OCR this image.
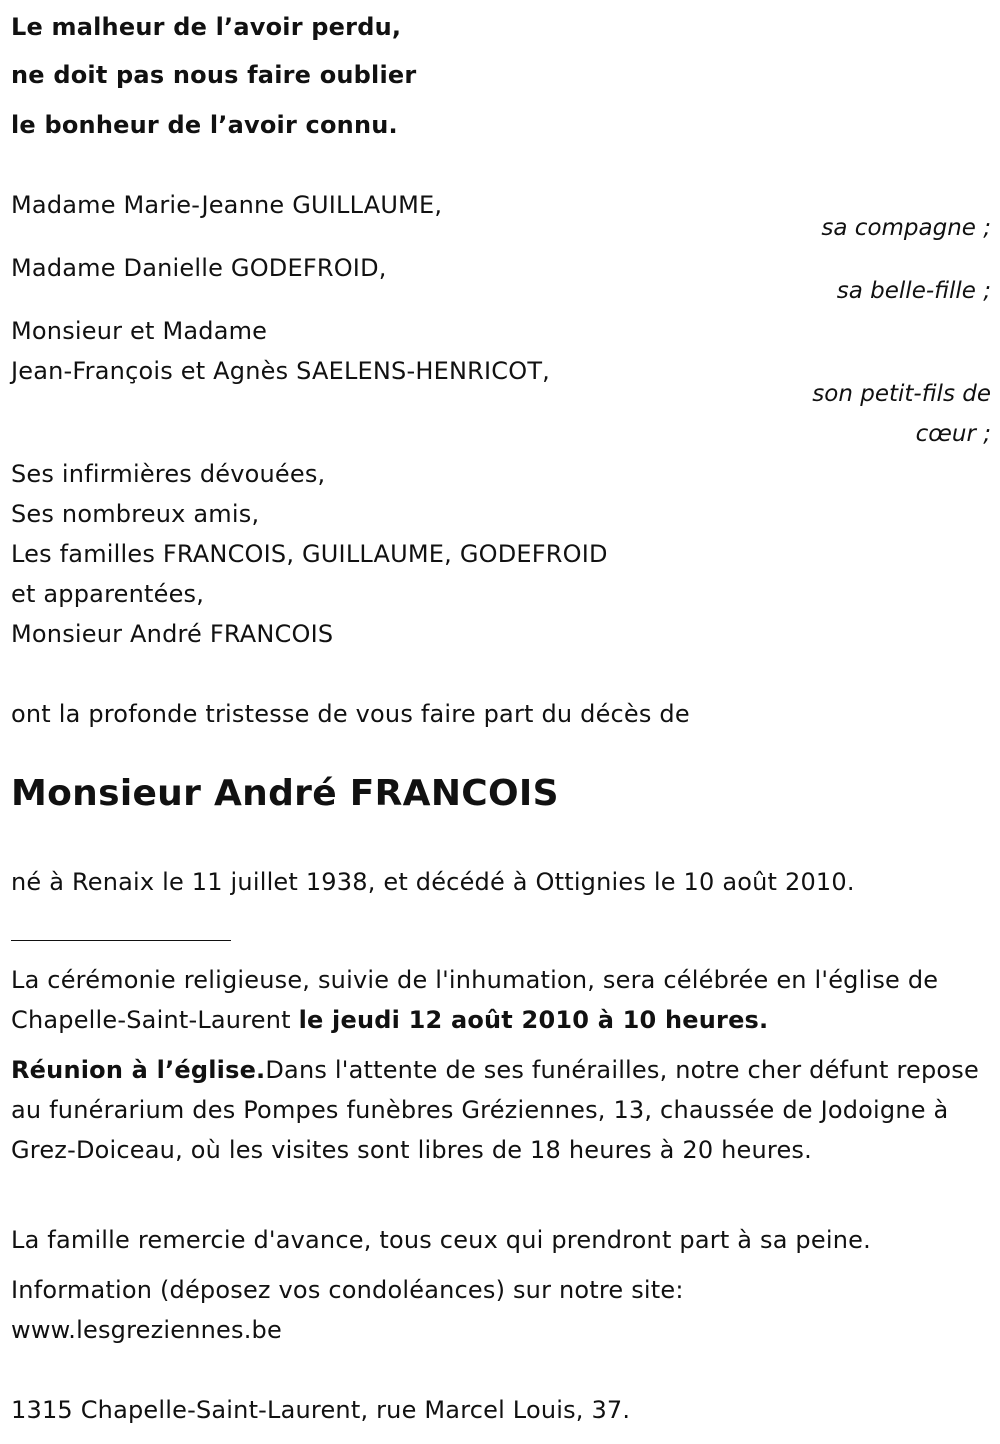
Le malheur de l’avoir perdu,
ne doit pas nous faire oublier
le bonheur de l’avoir connu.
Madame Marie-Jeanne GUILLAUME,
sa compagne ;
Madame Danielle GODEFROID,
sa belle-fille ;
Monsieur et Madame
Jean-François et Agnès SAELENS-HENRICOT,
son petit-fils de
cœur ;
Ses infirmières dévouées,
Ses nombreux amis,
Les familles FRANCOIS, GUILLAUME, GODEFROID
et apparentées,
Monsieur André FRANCOIS
ont la profonde tristesse de vous faire part du décès de
Monsieur André FRANCOIS
né à Renaix le 11 juillet 1938, et décédé à Ottignies le 10 août 2010.
La cérémonie religieuse, suivie de l'inhumation, sera célébrée en l'église de Chapelle-Saint-Laurent le jeudi 12 août 2010 à 10 heures.
Réunion à l’église.Dans l'attente de ses funérailles, notre cher défunt repose au funérarium des Pompes funèbres Gréziennes, 13, chaussée de Jodoigne à Grez-Doiceau, où les visites sont libres de 18 heures à 20 heures.
La famille remercie d'avance, tous ceux qui prendront part à sa peine.
Information (déposez vos condoléances) sur notre site:
www.lesgreziennes.be
1315 Chapelle-Saint-Laurent, rue Marcel Louis, 37.
